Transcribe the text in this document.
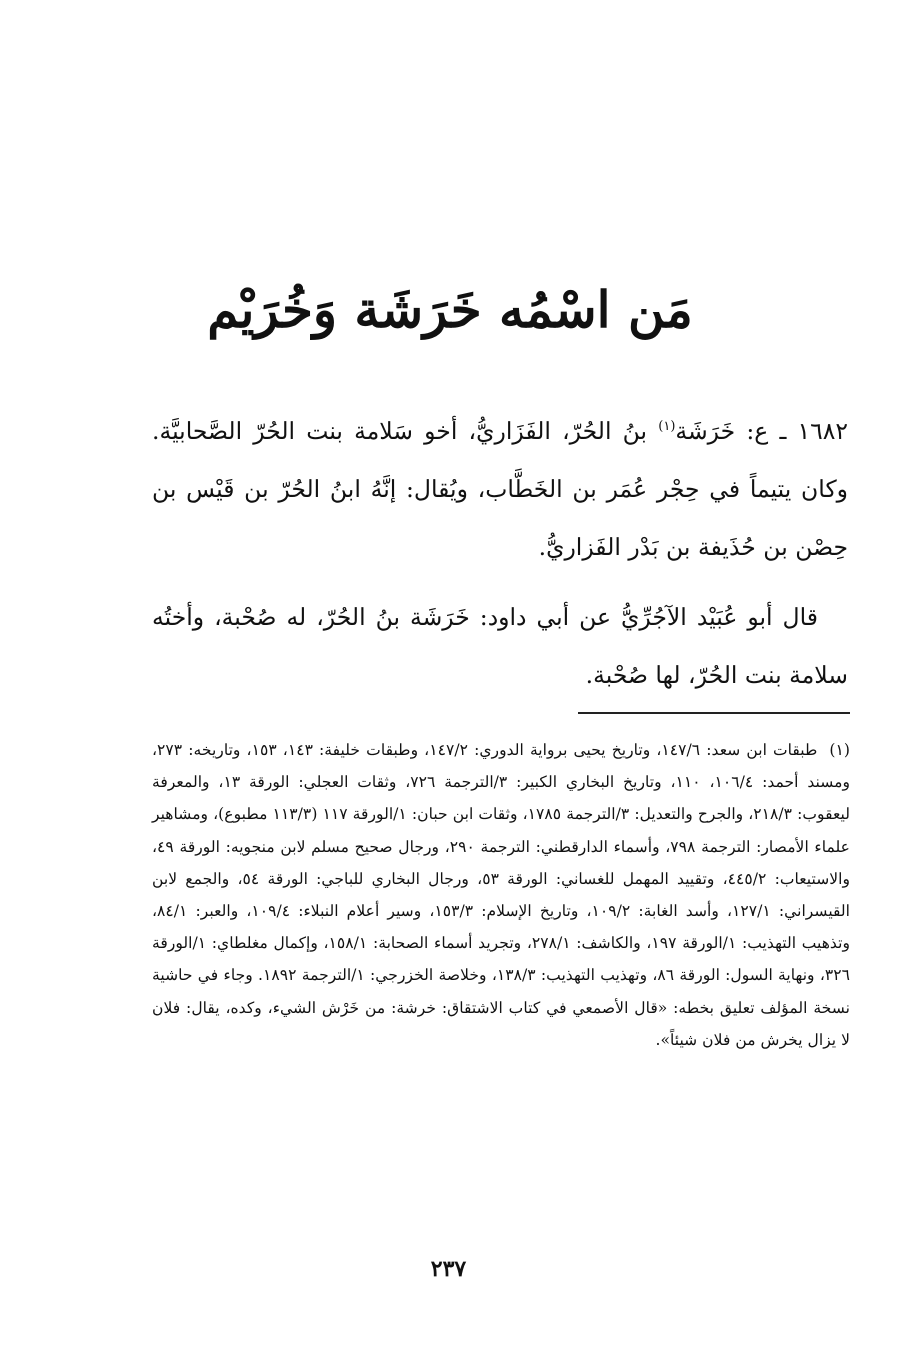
مَن اسْمُه خَرَشَة وَخُرَيْم

١٦٨٢ ـ ع: خَرَشَة$^{(١)}$ بنُ الحُرّ، الفَزَاريُّ، أخو سَلامة بنت الحُرّ الصَّحابيَّة. وكان يتيماً في حِجْر عُمَر بن الخَطَّاب، ويُقال: إنَّهُ ابنُ الحُرّ بن قَيْس بن حِصْن بن حُذَيفة بن بَدْر الفَزاريُّ.

قال أبو عُبَيْد الآجُرِّيُّ عن أبي داود: خَرَشَة بنُ الحُرّ، له صُحْبة، وأختُه سلامة بنت الحُرّ، لها صُحْبة.

(١)طبقات ابن سعد: ١٤٧/٦، وتاريخ يحيى برواية الدوري: ١٤٧/٢، وطبقات خليفة: ١٤٣، ١٥٣، وتاريخه: ٢٧٣، ومسند أحمد: ١٠٦/٤، ١١٠، وتاريخ البخاري الكبير: ٣/الترجمة ٧٢٦، وثقات العجلي: الورقة ١٣، والمعرفة ليعقوب: ٢١٨/٣، والجرح والتعديل: ٣/الترجمة ١٧٨٥، وثقات ابن حبان: ١/الورقة ١١٧ (١١٣/٣ مطبوع)، ومشاهير علماء الأمصار: الترجمة ٧٩٨، وأسماء الدارقطني: الترجمة ٢٩٠، ورجال صحيح مسلم لابن منجويه: الورقة ٤٩، والاستيعاب: ٤٤٥/٢، وتقييد المهمل للغساني: الورقة ٥٣، ورجال البخاري للباجي: الورقة ٥٤، والجمع لابن القيسراني: ١٢٧/١، وأسد الغابة: ١٠٩/٢، وتاريخ الإسلام: ١٥٣/٣، وسير أعلام النبلاء: ١٠٩/٤، والعبر: ٨٤/١، وتذهيب التهذيب: ١/الورقة ١٩٧، والكاشف: ٢٧٨/١، وتجريد أسماء الصحابة: ١٥٨/١، وإكمال مغلطاي: ١/الورقة ٣٢٦، ونهاية السول: الورقة ٨٦، وتهذيب التهذيب: ١٣٨/٣، وخلاصة الخزرجي: ١/الترجمة ١٨٩٢. وجاء في حاشية نسخة المؤلف تعليق بخطه: «قال الأصمعي في كتاب الاشتقاق: خرشة: من خَرْش الشيء، وكده، يقال: فلان لا يزال يخرش من فلان شيئاً».
٢٣٧
